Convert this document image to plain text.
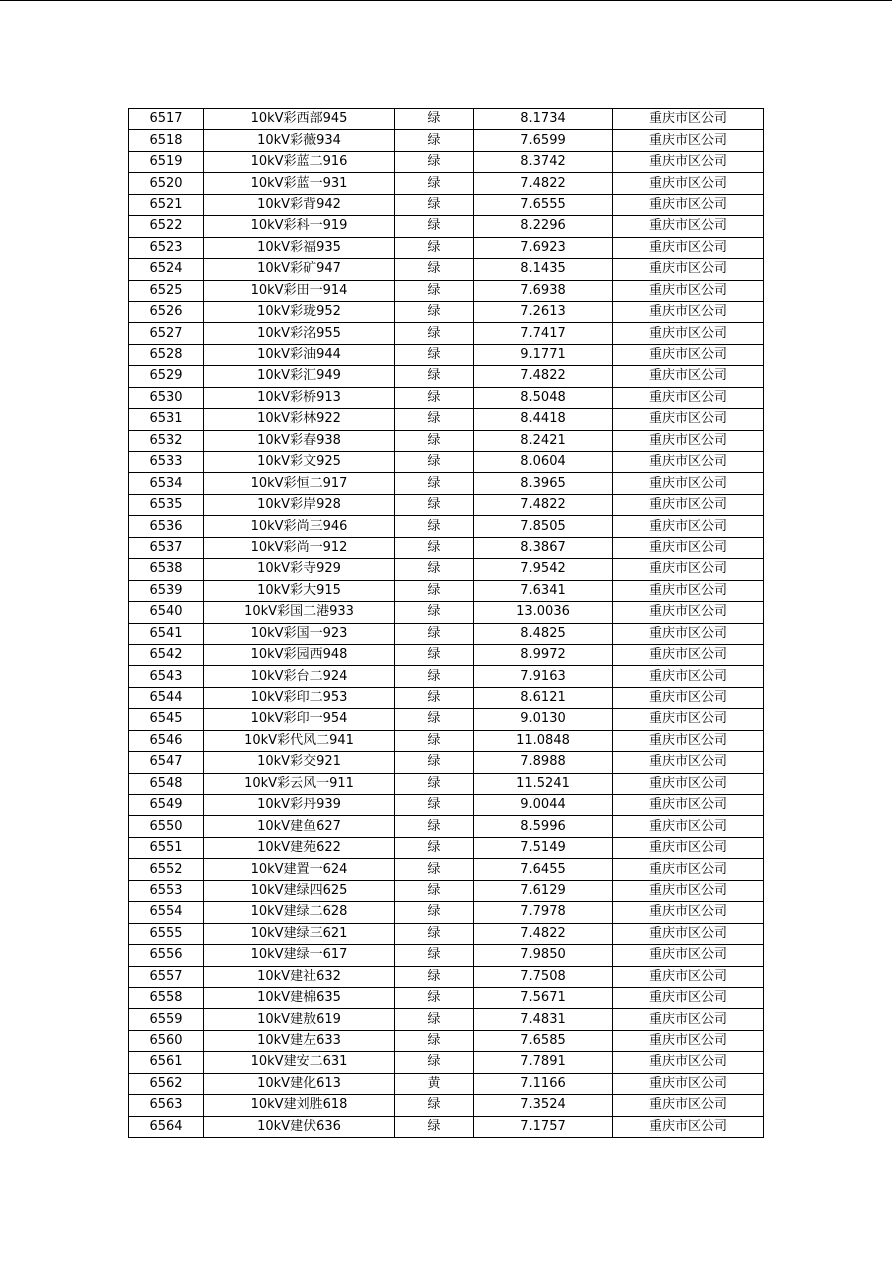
6517	10kV彩西部945	绿	8.1734	重庆市区公司
6518	10kV彩薇934	绿	7.6599	重庆市区公司
6519	10kV彩蓝二916	绿	8.3742	重庆市区公司
6520	10kV彩蓝一931	绿	7.4822	重庆市区公司
6521	10kV彩背942	绿	7.6555	重庆市区公司
6522	10kV彩科一919	绿	8.2296	重庆市区公司
6523	10kV彩福935	绿	7.6923	重庆市区公司
6524	10kV彩矿947	绿	8.1435	重庆市区公司
6525	10kV彩田一914	绿	7.6938	重庆市区公司
6526	10kV彩珑952	绿	7.2613	重庆市区公司
6527	10kV彩洺955	绿	7.7417	重庆市区公司
6528	10kV彩油944	绿	9.1771	重庆市区公司
6529	10kV彩汇949	绿	7.4822	重庆市区公司
6530	10kV彩桥913	绿	8.5048	重庆市区公司
6531	10kV彩林922	绿	8.4418	重庆市区公司
6532	10kV彩春938	绿	8.2421	重庆市区公司
6533	10kV彩文925	绿	8.0604	重庆市区公司
6534	10kV彩恒二917	绿	8.3965	重庆市区公司
6535	10kV彩岸928	绿	7.4822	重庆市区公司
6536	10kV彩尚三946	绿	7.8505	重庆市区公司
6537	10kV彩尚一912	绿	8.3867	重庆市区公司
6538	10kV彩寺929	绿	7.9542	重庆市区公司
6539	10kV彩大915	绿	7.6341	重庆市区公司
6540	10kV彩国二港933	绿	13.0036	重庆市区公司
6541	10kV彩国一923	绿	8.4825	重庆市区公司
6542	10kV彩园西948	绿	8.9972	重庆市区公司
6543	10kV彩台二924	绿	7.9163	重庆市区公司
6544	10kV彩印二953	绿	8.6121	重庆市区公司
6545	10kV彩印一954	绿	9.0130	重庆市区公司
6546	10kV彩代风二941	绿	11.0848	重庆市区公司
6547	10kV彩交921	绿	7.8988	重庆市区公司
6548	10kV彩云风一911	绿	11.5241	重庆市区公司
6549	10kV彩丹939	绿	9.0044	重庆市区公司
6550	10kV建鱼627	绿	8.5996	重庆市区公司
6551	10kV建苑622	绿	7.5149	重庆市区公司
6552	10kV建置一624	绿	7.6455	重庆市区公司
6553	10kV建绿四625	绿	7.6129	重庆市区公司
6554	10kV建绿二628	绿	7.7978	重庆市区公司
6555	10kV建绿三621	绿	7.4822	重庆市区公司
6556	10kV建绿一617	绿	7.9850	重庆市区公司
6557	10kV建社632	绿	7.7508	重庆市区公司
6558	10kV建棉635	绿	7.5671	重庆市区公司
6559	10kV建敖619	绿	7.4831	重庆市区公司
6560	10kV建左633	绿	7.6585	重庆市区公司
6561	10kV建安二631	绿	7.7891	重庆市区公司
6562	10kV建化613	黄	7.1166	重庆市区公司
6563	10kV建刘胜618	绿	7.3524	重庆市区公司
6564	10kV建伏636	绿	7.1757	重庆市区公司
